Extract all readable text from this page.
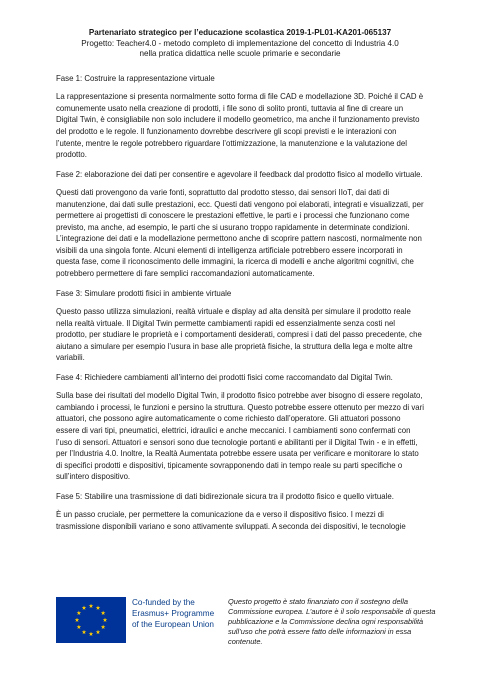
Partenariato strategico per l’educazione scolastica 2019-1-PL01-KA201-065137
Progetto: Teacher4.0 - metodo completo di implementazione del concetto di Industria 4.0
nella pratica didattica nelle scuole primarie e secondarie

Fase 1: Costruire la rappresentazione virtuale

La rappresentazione si presenta normalmente sotto forma di file CAD e modellazione 3D. Poiché il CAD è comunemente usato nella creazione di prodotti, i file sono di solito pronti, tuttavia al fine di creare un Digital Twin, è consigliabile non solo includere il modello geometrico, ma anche il funzionamento previsto del prodotto e le regole. Il funzionamento dovrebbe descrivere gli scopi previsti e le interazioni con l’utente, mentre le regole potrebbero riguardare l’ottimizzazione, la manutenzione e la valutazione del prodotto.

Fase 2: elaborazione dei dati per consentire e agevolare il feedback dal prodotto fisico al modello virtuale.

Questi dati provengono da varie fonti, soprattutto dal prodotto stesso, dai sensori IIoT, dai dati di manutenzione, dai dati sulle prestazioni, ecc. Questi dati vengono poi elaborati, integrati e visualizzati, per permettere ai progettisti di conoscere le prestazioni effettive, le parti e i processi che funzionano come previsto, ma anche, ad esempio, le parti che si usurano troppo rapidamente in determinate condizioni. L’integrazione dei dati e la modellazione permettono anche di scoprire pattern nascosti, normalmente non visibili da una singola fonte. Alcuni elementi di intelligenza artificiale potrebbero essere incorporati in questa fase, come il riconoscimento delle immagini, la ricerca di modelli e anche algoritmi cognitivi, che potrebbero permettere di fare semplici raccomandazioni automaticamente.

Fase 3: Simulare prodotti fisici in ambiente virtuale

Questo passo utilizza simulazioni, realtà virtuale e display ad alta densità per simulare il prodotto reale nella realtà virtuale. Il Digital Twin permette cambiamenti rapidi ed essenzialmente senza costi nel prodotto, per studiare le proprietà e i comportamenti desiderati, compresi i dati del passo precedente, che aiutano a simulare per esempio l’usura in base alle proprietà fisiche, la struttura della lega e molte altre variabili.

Fase 4: Richiedere cambiamenti all’interno dei prodotti fisici come raccomandato dal Digital Twin.

Sulla base dei risultati del modello Digital Twin, il prodotto fisico potrebbe aver bisogno di essere regolato, cambiando i processi, le funzioni e persino la struttura. Questo potrebbe essere ottenuto per mezzo di vari attuatori, che possono agire automaticamente o come richiesto dall’operatore. Gli attuatori possono essere di vari tipi, pneumatici, elettrici, idraulici e anche meccanici. I cambiamenti sono confermati con l’uso di sensori. Attuatori e sensori sono due tecnologie portanti e abilitanti per il Digital Twin - e in effetti, per l’Industria 4.0. Inoltre, la Realtà Aumentata potrebbe essere usata per verificare e monitorare lo stato di specifici prodotti e dispositivi, tipicamente sovrapponendo dati in tempo reale su parti specifiche o sull’intero dispositivo.

Fase 5: Stabilire una trasmissione di dati bidirezionale sicura tra il prodotto fisico e quello virtuale.

È un passo cruciale, per permettere la comunicazione da e verso il dispositivo fisico. I mezzi di trasmissione disponibili variano e sono attivamente sviluppati. A seconda dei dispositivi, le tecnologie

Co-funded by the
Erasmus+ Programme
of the European Union
Questo progetto è stato finanziato con il sostegno della Commissione europea. L’autore è il solo responsabile di questa pubblicazione e la Commissione declina ogni responsabilità sull’uso che potrà essere fatto delle informazioni in essa contenute.
